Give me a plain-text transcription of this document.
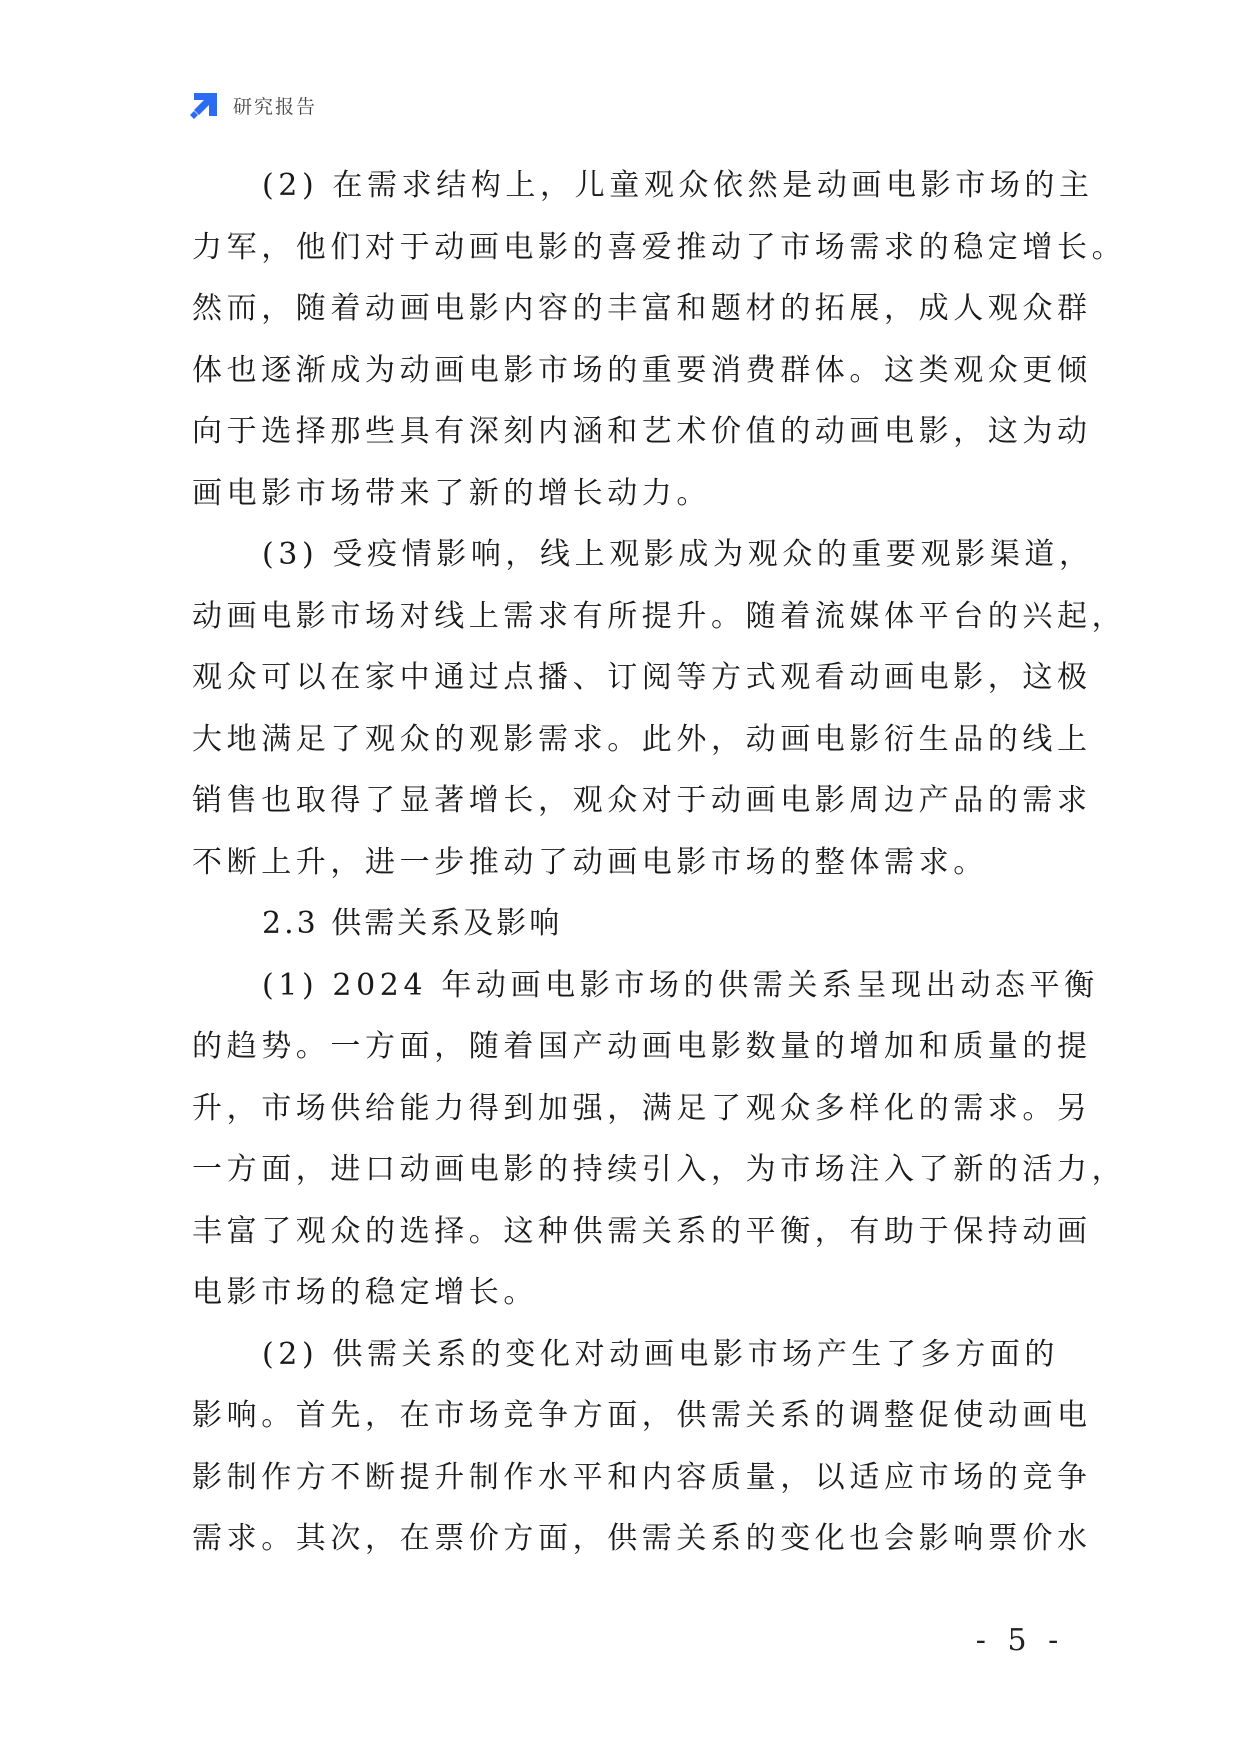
研究报告
(2) 在需求结构上，儿童观众依然是动画电影市场的主
力军，他们对于动画电影的喜爱推动了市场需求的稳定增长。
然而，随着动画电影内容的丰富和题材的拓展，成人观众群
体也逐渐成为动画电影市场的重要消费群体。这类观众更倾
向于选择那些具有深刻内涵和艺术价值的动画电影，这为动
画电影市场带来了新的增长动力。
(3) 受疫情影响，线上观影成为观众的重要观影渠道，
动画电影市场对线上需求有所提升。随着流媒体平台的兴起，
观众可以在家中通过点播、订阅等方式观看动画电影，这极
大地满足了观众的观影需求。此外，动画电影衍生品的线上
销售也取得了显著增长，观众对于动画电影周边产品的需求
不断上升，进一步推动了动画电影市场的整体需求。
2.3 供需关系及影响
(1) 2024 年动画电影市场的供需关系呈现出动态平衡
的趋势。一方面，随着国产动画电影数量的增加和质量的提
升，市场供给能力得到加强，满足了观众多样化的需求。另
一方面，进口动画电影的持续引入，为市场注入了新的活力，
丰富了观众的选择。这种供需关系的平衡，有助于保持动画
电影市场的稳定增长。
(2) 供需关系的变化对动画电影市场产生了多方面的
影响。首先，在市场竞争方面，供需关系的调整促使动画电
影制作方不断提升制作水平和内容质量，以适应市场的竞争
需求。其次，在票价方面，供需关系的变化也会影响票价水
- 5 -
